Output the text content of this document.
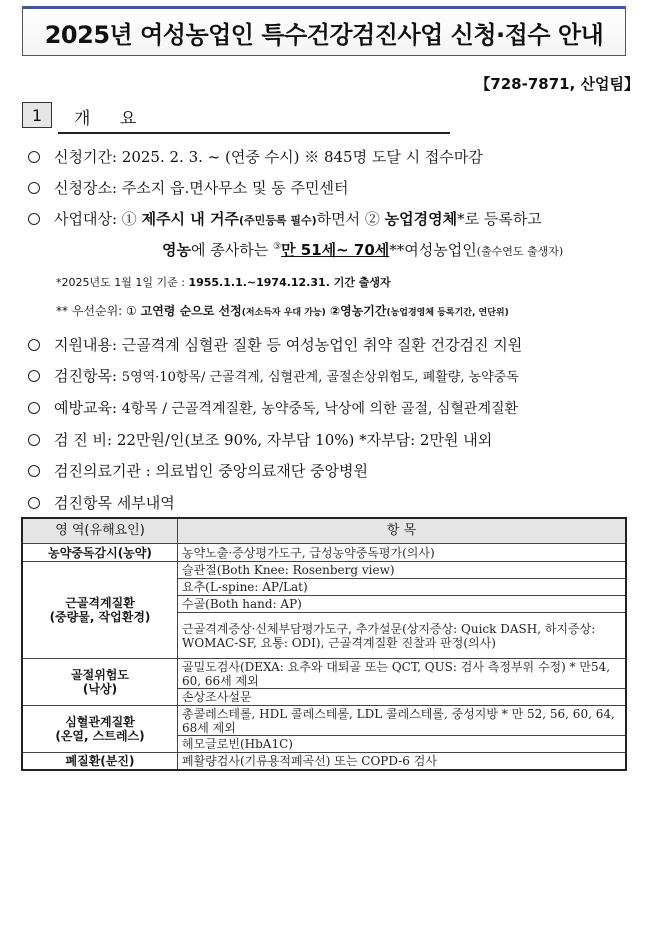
2025년 여성농업인 특수건강검진사업 신청·접수 안내
【728-7871, 산업팀】
1	개 요
신청기간: 2025. 2. 3. ~ (연중 수시) ※ 845명 도달 시 접수마감
신청장소: 주소지 읍.면사무소 및 동 주민센터
사업대상: ① 제주시 내 거주(주민등록 필수)하면서 ② 농업경영체*로 등록하고
영농에 종사하는 ③만 51세~ 70세**여성농업인(출수연도 출생자)
*2025년도 1월 1일 기준 : 1955.1.1.~1974.12.31. 기간 출생자
** 우선순위: ① 고연령 순으로 선정(저소득자 우대 가능) ②영농기간(농업경영체 등록기간, 연단위)
지원내용: 근골격계 심혈관 질환 등 여성농업인 취약 질환 건강검진 지원
검진항목: 5영역·10항목/ 근골격계, 심혈관계, 골절손상위험도, 폐활량, 농약중독
예방교육: 4항목 / 근골격계질환, 농약중독, 낙상에 의한 골절, 심혈관계질환
검 진 비: 22만원/인(보조 90%, 자부담 10%) *자부담: 2만원 내외
검진의료기관 : 의료법인 중앙의료재단 중앙병원
검진항목 세부내역
영 역(유해요인)	항 목
농약중독감시(농약)	농약노출·증상평가도구, 급성농약중독평가(의사)
근골격계질환
(중량물, 작업환경)	슬관절(Both Knee: Rosenberg view)
	요추(L-spine: AP/Lat)
	수골(Both hand: AP)
	근골격계증상·신체부담평가도구, 추가설문(상지증상: Quick DASH, 하지증상: WOMAC-SF, 요통: ODI), 근골격계질환 진찰과 판정(의사)
골절위험도
(낙상)	골밀도검사(DEXA: 요추와 대퇴골 또는 QCT, QUS: 검사 측정부위 수정) * 만54, 60, 66세 제외
	손상조사설문
심혈관계질환
(온열, 스트레스)	총콜레스테롤, HDL 콜레스테롤, LDL 콜레스테롤, 중성지방 * 만 52, 56, 60, 64, 68세 제외
	헤모글로빈(HbA1C)
폐질환(분진)	폐활량검사(기류용적폐곡선) 또는 COPD-6 검사
